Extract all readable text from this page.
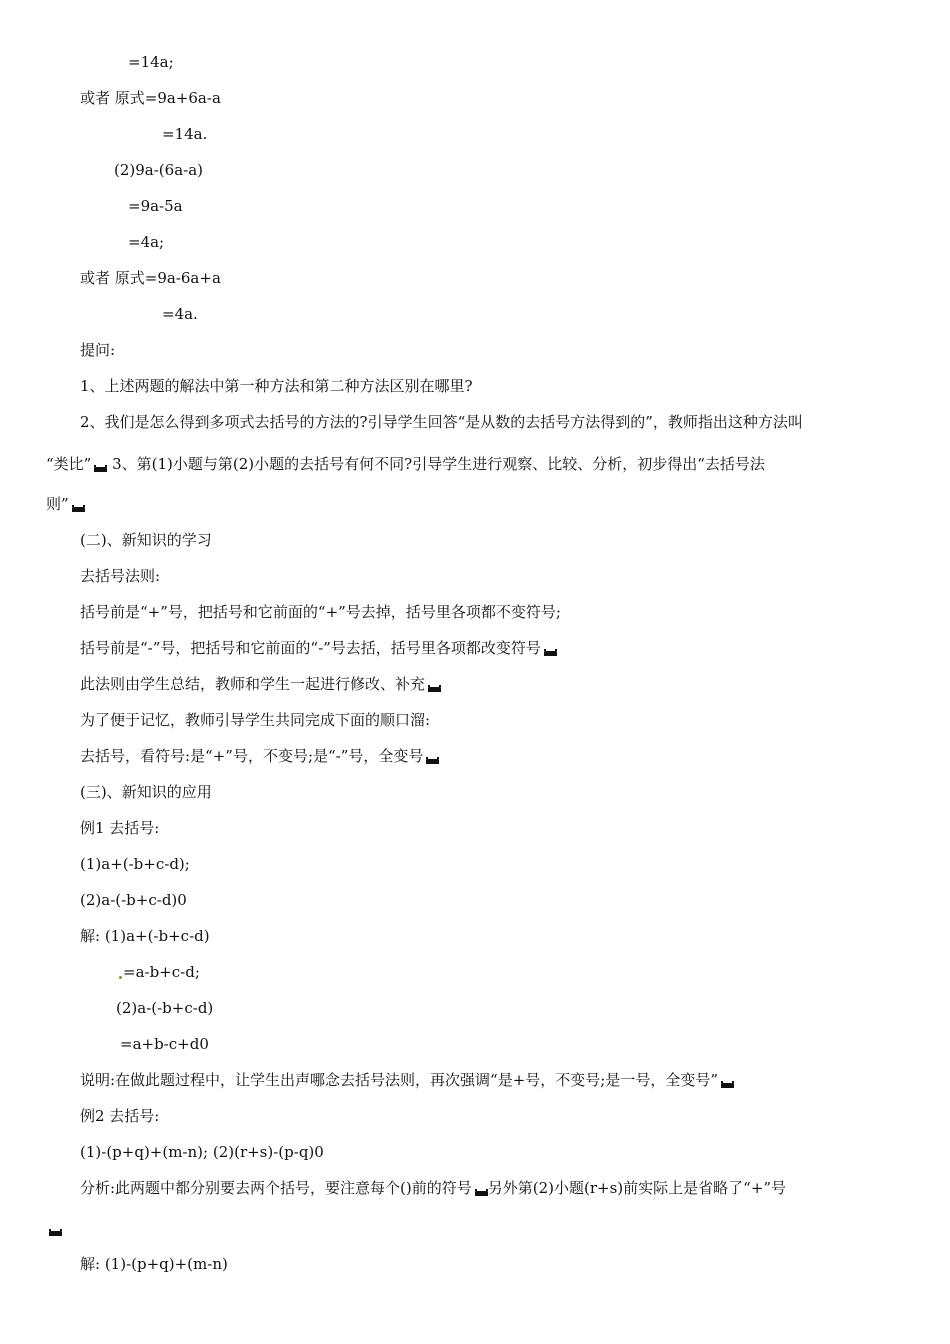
=14a;
或者 原式=9a+6a-a
=14a.
(2)9a-(6a-a)
=9a-5a
=4a;
或者 原式=9a-6a+a
=4a.
提问:
1、上述两题的解法中第一种方法和第二种方法区别在哪里?
2、我们是怎么得到多项式去括号的方法的?引导学生回答“是从数的去括号方法得到的”，教师指出这种方法叫
“类比” 3、第(1)小题与第(2)小题的去括号有何不同?引导学生进行观察、比较、分析，初步得出“去括号法
则”
(二)、新知识的学习
去括号法则:
括号前是“+”号，把括号和它前面的“+”号去掉，括号里各项都不变符号;
括号前是“-”号，把括号和它前面的“-”号去括，括号里各项都改变符号
此法则由学生总结，教师和学生一起进行修改、补充
为了便于记忆，教师引导学生共同完成下面的顺口溜:
去括号，看符号:是“+”号，不变号;是“-”号，全变号
(三)、新知识的应用
例1 去括号:
(1)a+(-b+c-d);
(2)a-(-b+c-d)0
解: (1)a+(-b+c-d)
=a-b+c-d;
(2)a-(-b+c-d)
=a+b-c+d0
说明:在做此题过程中，让学生出声哪念去括号法则，再次强调“是+号，不变号;是一号，全变号”
例2 去括号:
(1)-(p+q)+(m-n); (2)(r+s)-(p-q)0
分析:此两题中都分别要去两个括号，要注意每个()前的符号 另外第(2)小题(r+s)前实际上是省略了“+”号
解: (1)-(p+q)+(m-n)
